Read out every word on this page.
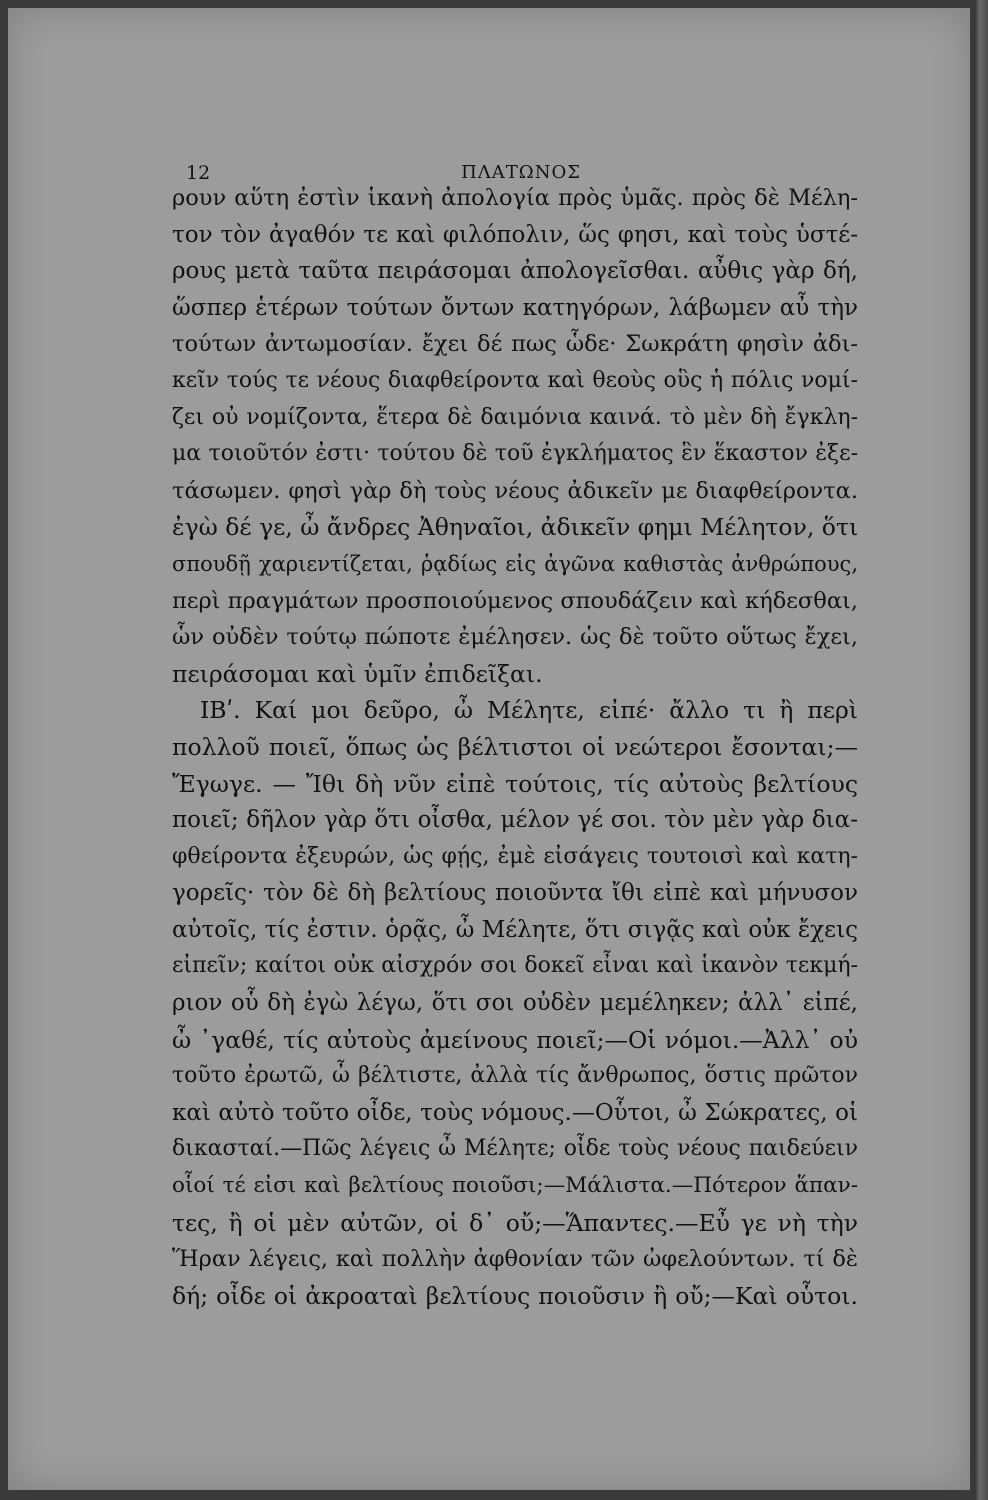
12	ΠΛΑΤΩΝΟΣ
ρουν αὕτη ἐστὶν ἱκανὴ ἀπολογία πρὸς ὑμᾶς. πρὸς δὲ Μέλη-
τον τὸν ἀγαθόν τε καὶ φιλόπολιν, ὥς φησι, καὶ τοὺς ὑστέ-
ρους μετὰ ταῦτα πειράσομαι ἀπολογεῖσθαι. αὖθις γὰρ δή,
ὥσπερ ἑτέρων τούτων ὄντων κατηγόρων, λάβωμεν αὖ τὴν
τούτων ἀντωμοσίαν. ἔχει δέ πως ὧδε· Σωκράτη φησὶν ἀδι-
κεῖν τούς τε νέους διαφθείροντα καὶ θεοὺς οὓς ἡ πόλις νομί-
ζει οὐ νομίζοντα, ἕτερα δὲ δαιμόνια καινά. τὸ μὲν δὴ ἔγκλη-
μα τοιοῦτόν ἐστι· τούτου δὲ τοῦ ἐγκλήματος ἓν ἕκαστον ἐξε-
τάσωμεν. φησὶ γὰρ δὴ τοὺς νέους ἀδικεῖν με διαφθείροντα.
ἐγὼ δέ γε, ὦ ἄνδρες Ἀθηναῖοι, ἀδικεῖν φημι Μέλητον, ὅτι
σπουδῇ χαριεντίζεται, ῥᾳδίως εἰς ἀγῶνα καθιστὰς ἀνθρώπους,
περὶ πραγμάτων προσποιούμενος σπουδάζειν καὶ κήδεσθαι,
ὧν οὐδὲν τούτῳ πώποτε ἐμέλησεν. ὡς δὲ τοῦτο οὕτως ἔχει,
πειράσομαι καὶ ὑμῖν ἐπιδεῖξαι.
ΙΒʹ. Καί μοι δεῦρο, ὦ Μέλητε, εἰπέ· ἄλλο τι ἢ περὶ
πολλοῦ ποιεῖ, ὅπως ὡς βέλτιστοι οἱ νεώτεροι ἔσονται;—
Ἔγωγε. — Ἴθι δὴ νῦν εἰπὲ τούτοις, τίς αὐτοὺς βελτίους
ποιεῖ; δῆλον γὰρ ὅτι οἶσθα, μέλον γέ σοι. τὸν μὲν γὰρ δια-
φθείροντα ἐξευρών, ὡς φῄς, ἐμὲ εἰσάγεις τουτοισὶ καὶ κατη-
γορεῖς· τὸν δὲ δὴ βελτίους ποιοῦντα ἴθι εἰπὲ καὶ μήνυσον
αὐτοῖς, τίς ἐστιν. ὁρᾷς, ὦ Μέλητε, ὅτι σιγᾷς καὶ οὐκ ἔχεις
εἰπεῖν; καίτοι οὐκ αἰσχρόν σοι δοκεῖ εἶναι καὶ ἱκανὸν τεκμή-
ριον οὗ δὴ ἐγὼ λέγω, ὅτι σοι οὐδὲν μεμέληκεν; ἀλλ᾽ εἰπέ,
ὦ ᾽γαθέ, τίς αὐτοὺς ἀμείνους ποιεῖ;—Οἱ νόμοι.—Ἀλλ᾽ οὐ
τοῦτο ἐρωτῶ, ὦ βέλτιστε, ἀλλὰ τίς ἄνθρωπος, ὅστις πρῶτον
καὶ αὐτὸ τοῦτο οἶδε, τοὺς νόμους.—Οὗτοι, ὦ Σώκρατες, οἱ
δικασταί.—Πῶς λέγεις ὦ Μέλητε; οἶδε τοὺς νέους παιδεύειν
οἷοί τέ εἰσι καὶ βελτίους ποιοῦσι;—Μάλιστα.—Πότερον ἅπαν-
τες, ἢ οἱ μὲν αὐτῶν, οἱ δ᾽ οὔ;—Ἅπαντες.—Εὖ γε νὴ τὴν
Ἥραν λέγεις, καὶ πολλὴν ἀφθονίαν τῶν ὠφελούντων. τί δὲ
δή; οἶδε οἱ ἀκροαταὶ βελτίους ποιοῦσιν ἢ οὔ;—Καὶ οὗτοι.
